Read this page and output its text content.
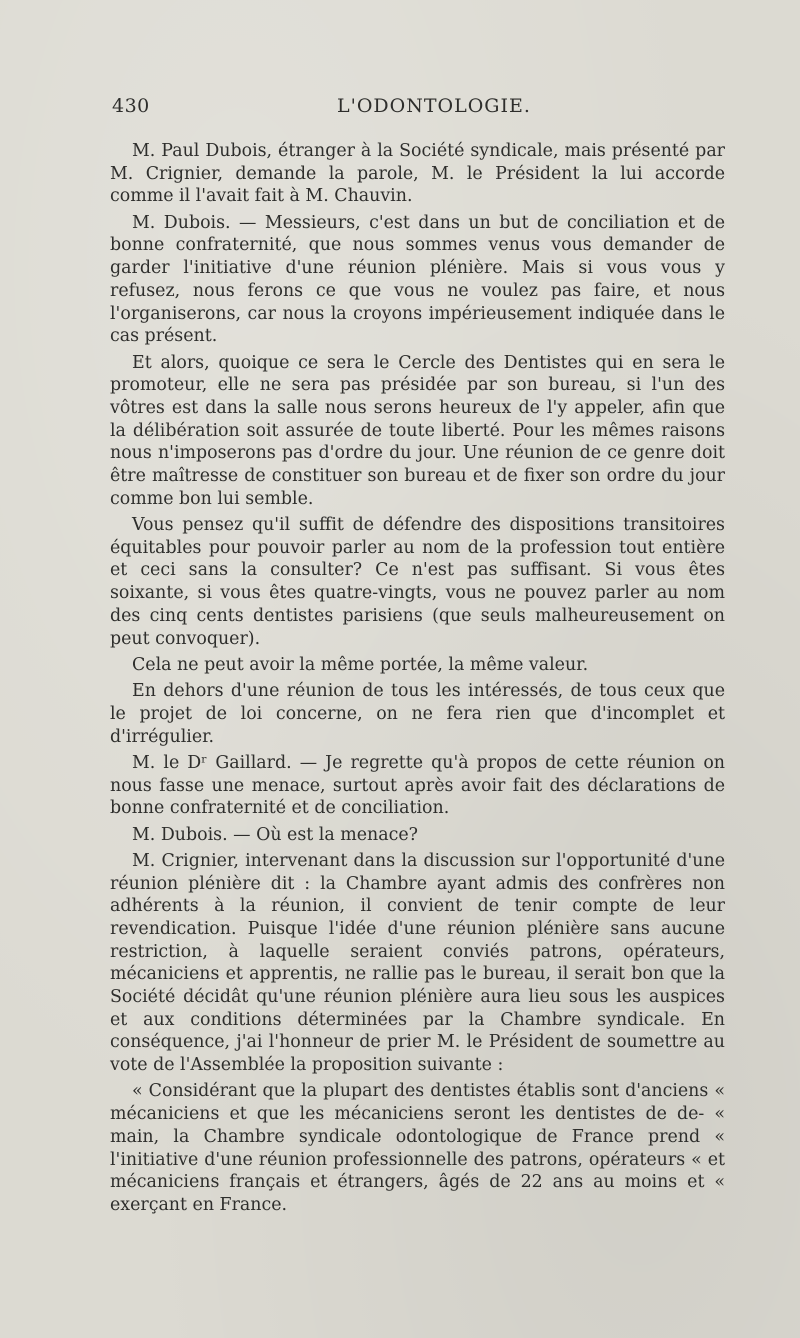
430	L'ODONTOLOGIE.

M. Paul Dubois, étranger à la Société syndicale, mais présenté par M. Crignier, demande la parole, M. le Président la lui accorde comme il l'avait fait à M. Chauvin.

M. Dubois. — Messieurs, c'est dans un but de conciliation et de bonne confraternité, que nous sommes venus vous demander de garder l'initiative d'une réunion plénière. Mais si vous vous y refusez, nous ferons ce que vous ne voulez pas faire, et nous l'organiserons, car nous la croyons impérieusement indiquée dans le cas présent.

Et alors, quoique ce sera le Cercle des Dentistes qui en sera le promoteur, elle ne sera pas présidée par son bureau, si l'un des vôtres est dans la salle nous serons heureux de l'y appeler, afin que la délibération soit assurée de toute liberté. Pour les mêmes raisons nous n'imposerons pas d'ordre du jour. Une réunion de ce genre doit être maîtresse de constituer son bureau et de fixer son ordre du jour comme bon lui semble.

Vous pensez qu'il suffit de défendre des dispositions transitoires équitables pour pouvoir parler au nom de la profession tout entière et ceci sans la consulter? Ce n'est pas suffisant. Si vous êtes soixante, si vous êtes quatre-vingts, vous ne pouvez parler au nom des cinq cents dentistes parisiens (que seuls malheureusement on peut convoquer).

Cela ne peut avoir la même portée, la même valeur.

En dehors d'une réunion de tous les intéressés, de tous ceux que le projet de loi concerne, on ne fera rien que d'incomplet et d'irrégulier.

M. le Dʳ Gaillard. — Je regrette qu'à propos de cette réunion on nous fasse une menace, surtout après avoir fait des déclarations de bonne confraternité et de conciliation.

M. Dubois. — Où est la menace?

M. Crignier, intervenant dans la discussion sur l'opportunité d'une réunion plénière dit : la Chambre ayant admis des confrères non adhérents à la réunion, il convient de tenir compte de leur revendication. Puisque l'idée d'une réunion plénière sans aucune restriction, à laquelle seraient conviés patrons, opérateurs, mécaniciens et apprentis, ne rallie pas le bureau, il serait bon que la Société décidât qu'une réunion plénière aura lieu sous les auspices et aux conditions déterminées par la Chambre syndicale. En conséquence, j'ai l'honneur de prier M. le Président de soumettre au vote de l'Assemblée la proposition suivante :

« Considérant que la plupart des dentistes établis sont d'anciens « mécaniciens et que les mécaniciens seront les dentistes de de- « main, la Chambre syndicale odontologique de France prend « l'initiative d'une réunion professionnelle des patrons, opérateurs « et mécaniciens français et étrangers, âgés de 22 ans au moins et « exerçant en France.
